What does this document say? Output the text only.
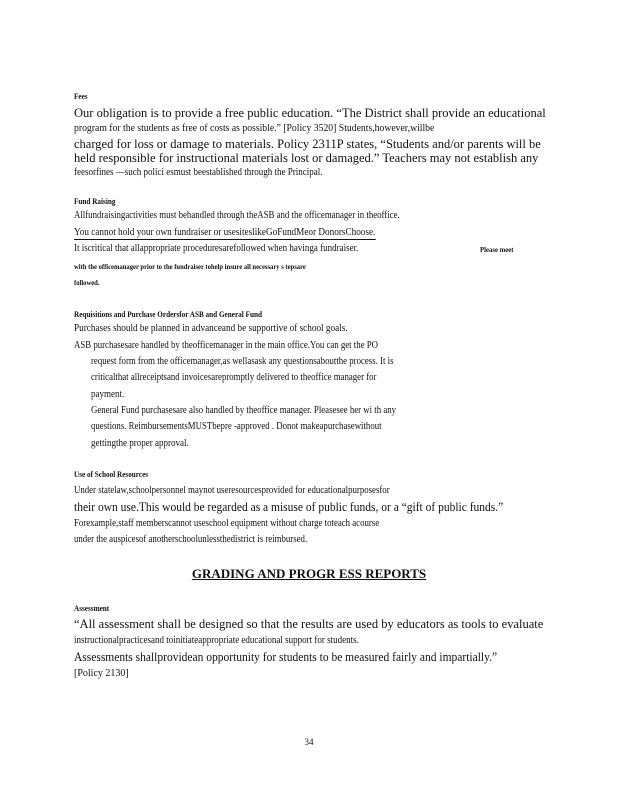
Fees
Our obligation is to provide a free public education. “The District shall provide an educational
program for the students as free of costs as possible.” [Policy 3520] Students,however,willbe
charged for loss or damage to materials. Policy 2311P states, “Students and/or parents will be
held responsible for instructional materials lost or damaged.” Teachers may not establish any
feesorfines —such polici esmust beestablished through the Principal.
Fund Raising
Allfundraisingactivities must behandled through theASB and the officemanager in theoffice.
You cannot hold your own fundraiser or usesiteslikeGoFundMeor DonorsChoose.
It iscritical that allappropriate proceduresarefollowed when havinga fundraiser.	Please meet
with the officemanager prior to the fundraiser tohelp insure all necessary s tepsare
followed.
Requisitions and Purchase Ordersfor ASB and General Fund
Purchases should be planned in advanceand be supportive of school goals.
ASB purchasesare handled by theofficemanager in the main office.You can get the PO
request form from the officemanager,as wellasask any questionsaboutthe process. It is
criticalthat allreceiptsand invoicesarepromptly delivered to theoffice manager for
payment.
General Fund purchasesare also handled by theoffice manager. Pleasesee her wi th any
questions. ReimbursementsMUSTbepre -approved . Donot makeapurchasewithout
gettingthe proper approval.
Use of School Resources
Under statelaw,schoolpersonnel maynot useresourcesprovided for educationalpurposesfor
their own use.This would be regarded as a misuse of public funds, or a “gift of public funds.”
Forexample,staff memberscannot useschool equipment without charge toteach acourse
under the auspicesof anotherschoolunlessthedistrict is reimbursed.
GRADING AND PROGR ESS REPORTS
Assessment
“All assessment shall be designed so that the results are used by educators as tools to evaluate
instructionalpracticesand toinitiateappropriate educational support for students.
Assessments shallprovidean opportunity for students to be measured fairly and impartially.”
[Policy 2130]
34
